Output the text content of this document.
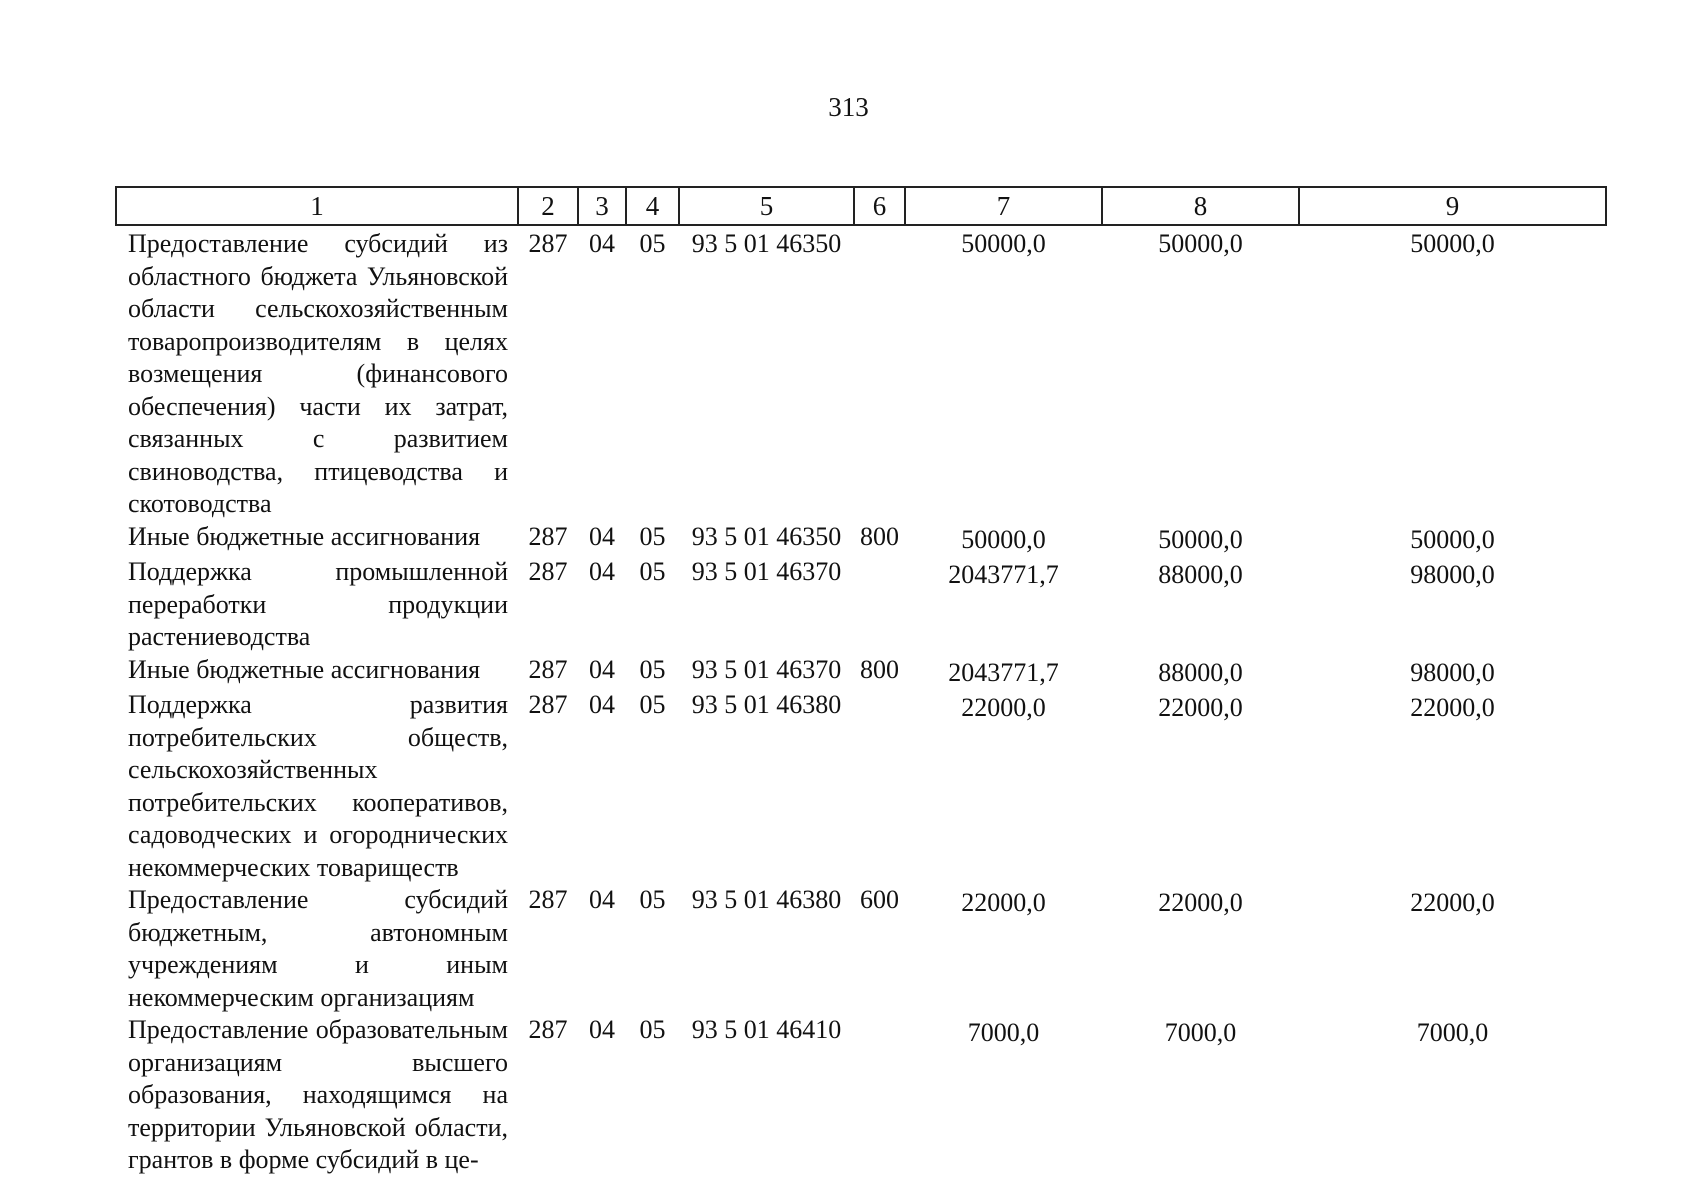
313
1	2	3	4	5	6	7	8	9
Предоставление субсидий из областного бюджета Ульяновской области сельскохозяйственным товаропроизводителям в целях возмещения (финансового обеспечения) части их затрат, связанных с развитием свиноводства, птицеводства и скотоводства	287	04	05	93 5 01 46350		50000,0	50000,0	50000,0
Иные бюджетные ассигнования	287	04	05	93 5 01 46350	800	50000,0	50000,0	50000,0
Поддержка промышленной переработки продукции растениеводства	287	04	05	93 5 01 46370		2043771,7	88000,0	98000,0
Иные бюджетные ассигнования	287	04	05	93 5 01 46370	800	2043771,7	88000,0	98000,0
Поддержка развития потребительских обществ, сельскохозяйственных потребительских кооперативов, садоводческих и огороднических некоммерческих товариществ	287	04	05	93 5 01 46380		22000,0	22000,0	22000,0
Предоставление субсидий бюджетным, автономным учреждениям и иным некоммерческим организациям	287	04	05	93 5 01 46380	600	22000,0	22000,0	22000,0
Предоставление образовательным организациям высшего образования, находящимся на территории Ульяновской области, грантов в форме субсидий в це-	287	04	05	93 5 01 46410		7000,0	7000,0	7000,0
